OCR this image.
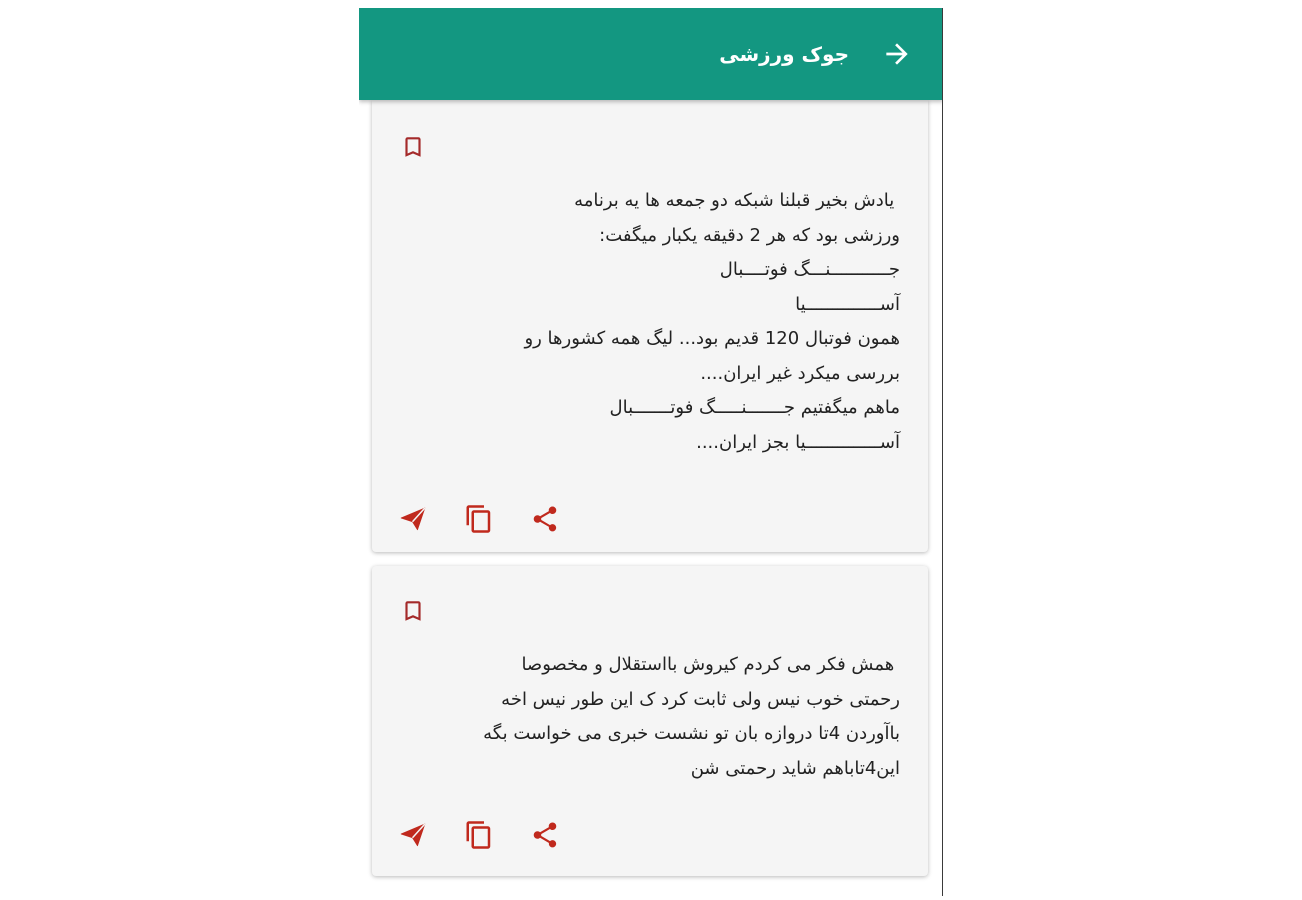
جوک ورزشی
یادش بخیر قبلنا شبکه دو جمعه ها یه برنامه
ورزشی بود که هر 2 دقیقه یکبار میگفت:
جـــــــــــنـــگ فوتــــبال
آســــــــــــــیا
همون فوتبال 120 قدیم بود... لیگ همه کشورها رو
بررسی میکرد غیر ایران....
ماهم میگفتیم جـــــــنـــــگ فوتـــــــبال
آســــــــــــــیا بجز ایران....
همش فکر می کردم کیروش بااستقلال و مخصوصا
رحمتی خوب نیس ولی ثابت کرد ک این طور نیس اخه
باآوردن 4تا دروازه بان تو نشست خبری می خواست بگه
این4تاباهم شاید رحمتی شن
